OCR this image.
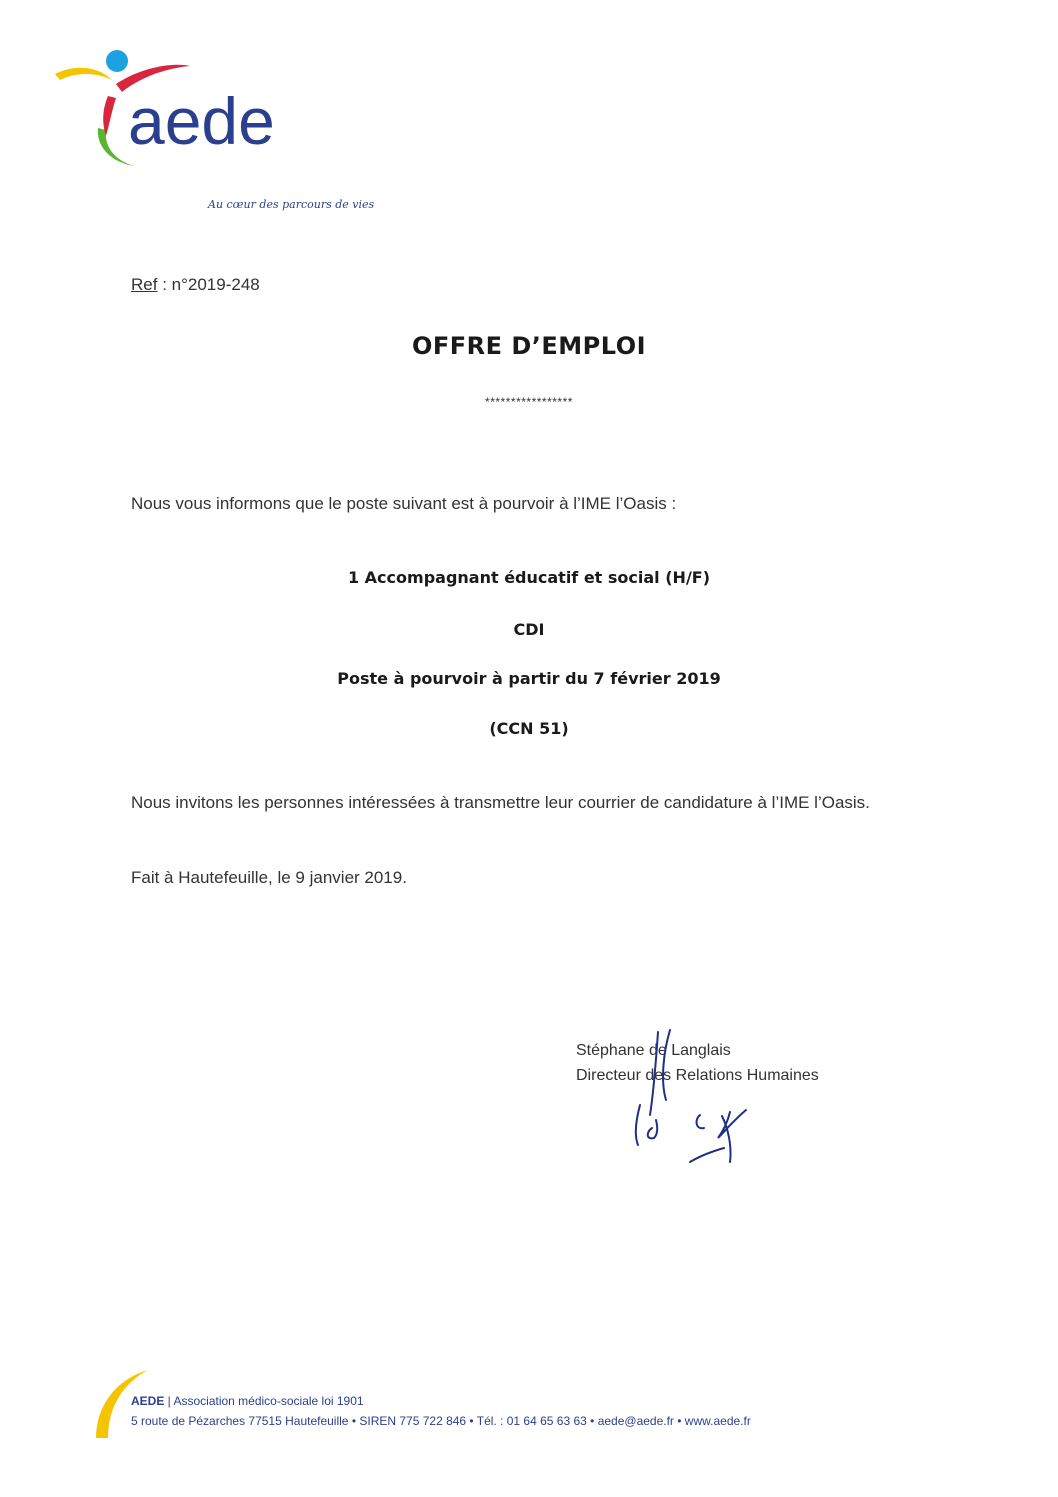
aede
Au cœur des parcours de vies
Ref : n°2019-248
OFFRE D’EMPLOI
*****************
Nous vous informons que le poste suivant est à pourvoir à l’IME l’Oasis :
1 Accompagnant éducatif et social (H/F)
CDI
Poste à pourvoir à partir du 7 février 2019
(CCN 51)
Nous invitons les personnes intéressées à transmettre leur courrier de candidature à l’IME l’Oasis.
Fait à Hautefeuille, le 9 janvier 2019.
Stéphane de Langlais
Directeur des Relations Humaines
AEDE | Association médico-sociale loi 1901
5 route de Pézarches 77515 Hautefeuille • SIREN 775 722 846 • Tél. : 01 64 65 63 63 • aede@aede.fr • www.aede.fr
